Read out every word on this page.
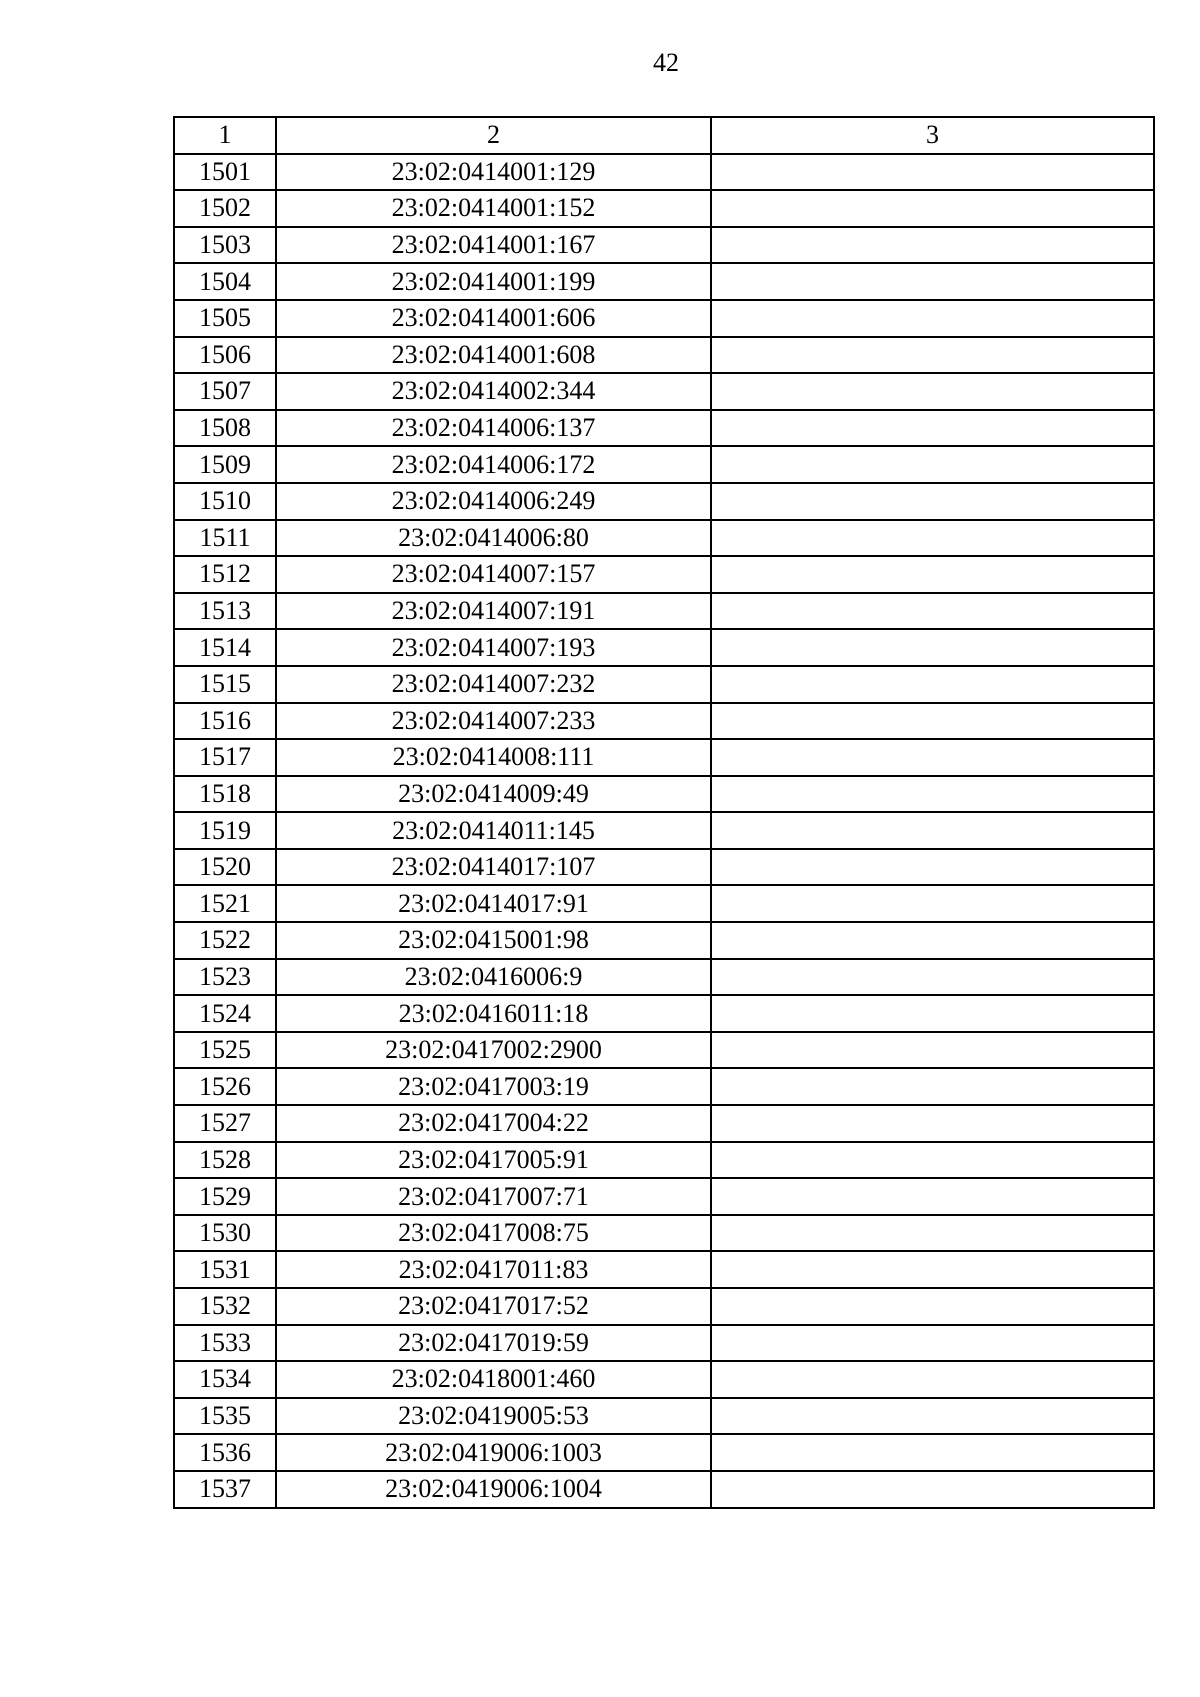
42
1	2	3
1501	23:02:0414001:129	
1502	23:02:0414001:152	
1503	23:02:0414001:167	
1504	23:02:0414001:199	
1505	23:02:0414001:606	
1506	23:02:0414001:608	
1507	23:02:0414002:344	
1508	23:02:0414006:137	
1509	23:02:0414006:172	
1510	23:02:0414006:249	
1511	23:02:0414006:80	
1512	23:02:0414007:157	
1513	23:02:0414007:191	
1514	23:02:0414007:193	
1515	23:02:0414007:232	
1516	23:02:0414007:233	
1517	23:02:0414008:111	
1518	23:02:0414009:49	
1519	23:02:0414011:145	
1520	23:02:0414017:107	
1521	23:02:0414017:91	
1522	23:02:0415001:98	
1523	23:02:0416006:9	
1524	23:02:0416011:18	
1525	23:02:0417002:2900	
1526	23:02:0417003:19	
1527	23:02:0417004:22	
1528	23:02:0417005:91	
1529	23:02:0417007:71	
1530	23:02:0417008:75	
1531	23:02:0417011:83	
1532	23:02:0417017:52	
1533	23:02:0417019:59	
1534	23:02:0418001:460	
1535	23:02:0419005:53	
1536	23:02:0419006:1003	
1537	23:02:0419006:1004	
